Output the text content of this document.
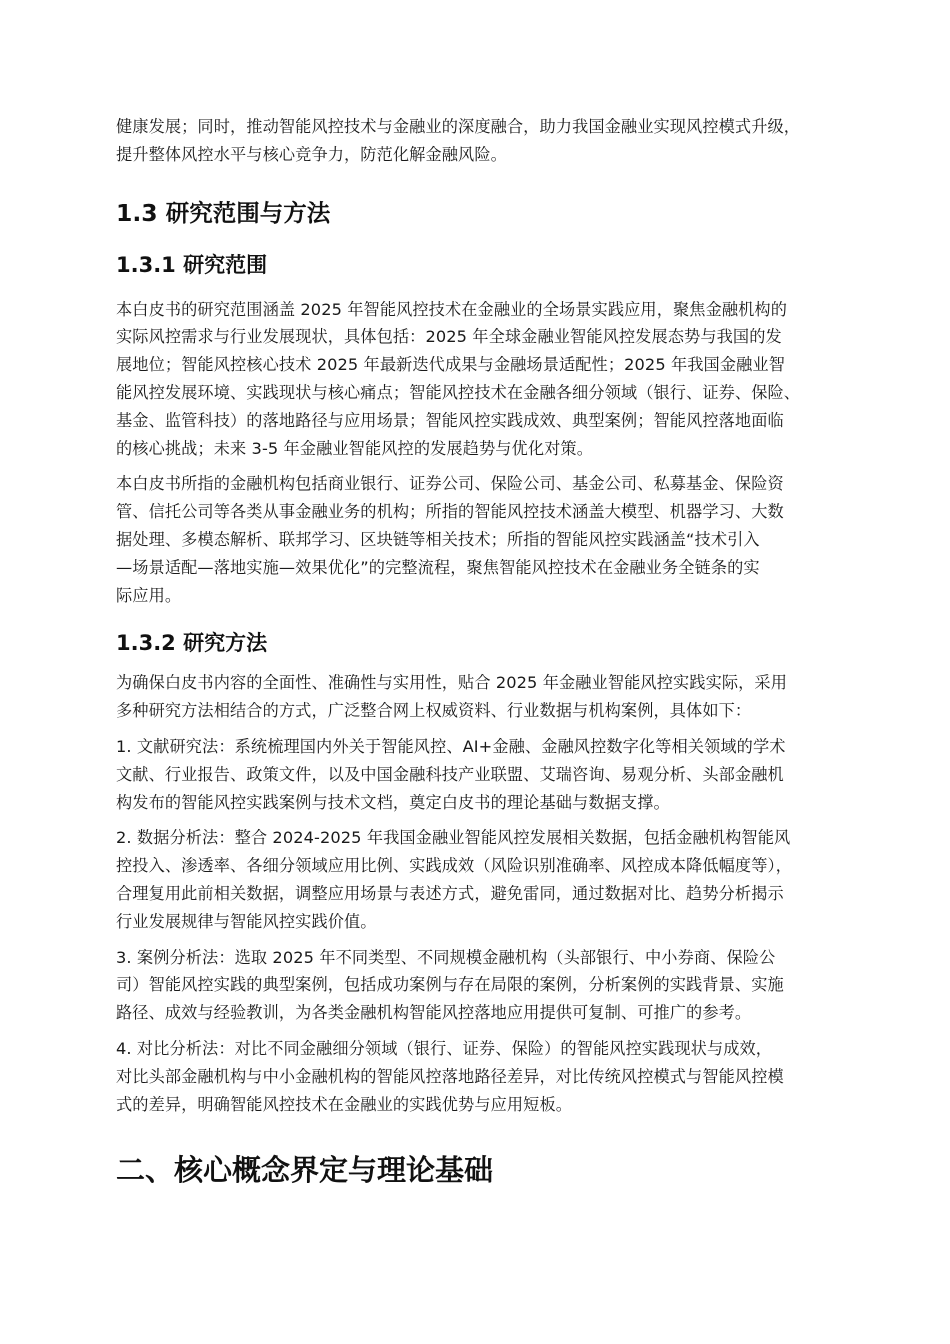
健康发展；同时，推动智能风控技术与金融业的深度融合，助力我国金融业实现风控模式升级，
提升整体风控水平与核心竞争力，防范化解金融风险。
1.3 研究范围与方法
1.3.1 研究范围
本白皮书的研究范围涵盖 2025 年智能风控技术在金融业的全场景实践应用，聚焦金融机构的
实际风控需求与行业发展现状，具体包括：2025 年全球金融业智能风控发展态势与我国的发
展地位；智能风控核心技术 2025 年最新迭代成果与金融场景适配性；2025 年我国金融业智
能风控发展环境、实践现状与核心痛点；智能风控技术在金融各细分领域（银行、证券、保险、
基金、监管科技）的落地路径与应用场景；智能风控实践成效、典型案例；智能风控落地面临
的核心挑战；未来 3-5 年金融业智能风控的发展趋势与优化对策。
本白皮书所指的金融机构包括商业银行、证券公司、保险公司、基金公司、私募基金、保险资
管、信托公司等各类从事金融业务的机构；所指的智能风控技术涵盖大模型、机器学习、大数
据处理、多模态解析、联邦学习、区块链等相关技术；所指的智能风控实践涵盖“技术引入
—场景适配—落地实施—效果优化”的完整流程，聚焦智能风控技术在金融业务全链条的实
际应用。
1.3.2 研究方法
为确保白皮书内容的全面性、准确性与实用性，贴合 2025 年金融业智能风控实践实际，采用
多种研究方法相结合的方式，广泛整合网上权威资料、行业数据与机构案例，具体如下：
1. 文献研究法：系统梳理国内外关于智能风控、AI+金融、金融风控数字化等相关领域的学术
文献、行业报告、政策文件，以及中国金融科技产业联盟、艾瑞咨询、易观分析、头部金融机
构发布的智能风控实践案例与技术文档，奠定白皮书的理论基础与数据支撑。
2. 数据分析法：整合 2024-2025 年我国金融业智能风控发展相关数据，包括金融机构智能风
控投入、渗透率、各细分领域应用比例、实践成效（风险识别准确率、风控成本降低幅度等），
合理复用此前相关数据，调整应用场景与表述方式，避免雷同，通过数据对比、趋势分析揭示
行业发展规律与智能风控实践价值。
3. 案例分析法：选取 2025 年不同类型、不同规模金融机构（头部银行、中小券商、保险公
司）智能风控实践的典型案例，包括成功案例与存在局限的案例，分析案例的实践背景、实施
路径、成效与经验教训，为各类金融机构智能风控落地应用提供可复制、可推广的参考。
4. 对比分析法：对比不同金融细分领域（银行、证券、保险）的智能风控实践现状与成效，
对比头部金融机构与中小金融机构的智能风控落地路径差异，对比传统风控模式与智能风控模
式的差异，明确智能风控技术在金融业的实践优势与应用短板。
二、核心概念界定与理论基础
